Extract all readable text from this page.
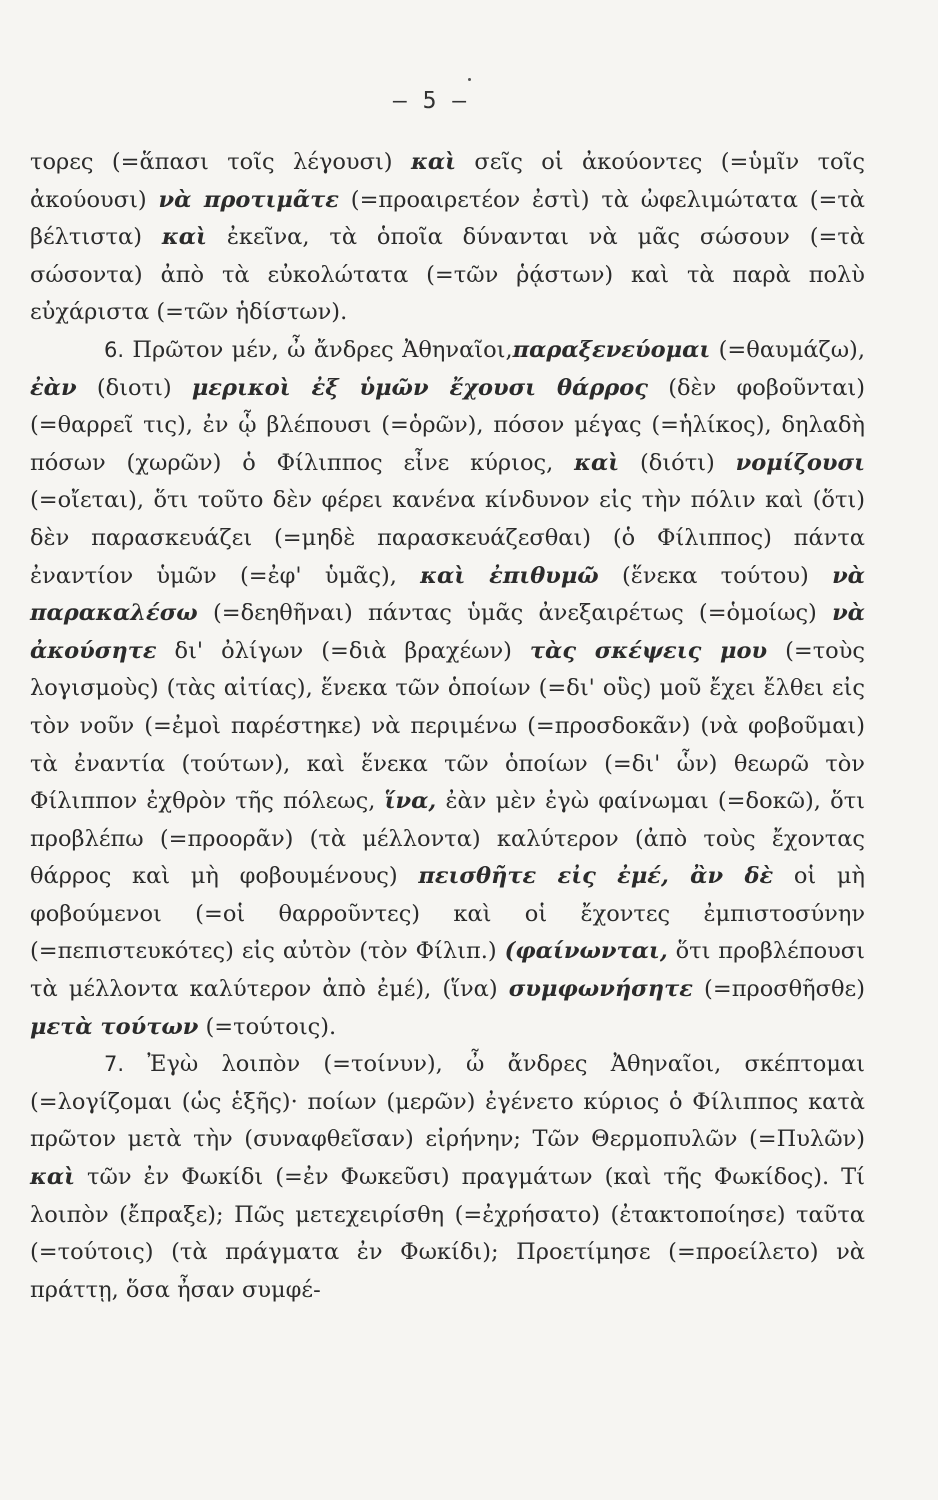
— 5 —

τορες (=ἅπασι τοῖς λέγουσι) καὶ σεῖς οἱ ἀκούοντες (=ὑμῖν τοῖς ἀκούουσι) νὰ προτιμᾶτε (=προαιρετέον ἐστὶ) τὰ ὠφελιμώτατα (=τὰ βέλτιστα) καὶ ἐκεῖνα, τὰ ὁποῖα δύνανται νὰ μᾶς σώσουν (=τὰ σώσοντα) ἀπὸ τὰ εὐκολώτατα (=τῶν ῥᾴστων) καὶ τὰ παρὰ πολὺ εὐχάριστα (=τῶν ἡδίστων).

6. Πρῶτον μέν, ὦ ἄνδρες Ἀθηναῖοι,παραξενεύομαι (=θαυμάζω), ἐὰν (διοτι) μερικοὶ ἐξ ὑμῶν ἔχουσι θάρρος (δὲν φοβοῦνται) (=θαρρεῖ τις), ἐν ᾧ βλέπουσι (=ὁρῶν), πόσον μέγας (=ἡλίκος), δηλαδὴ πόσων (χωρῶν) ὁ Φίλιππος εἶνε κύριος, καὶ (διότι) νομίζουσι (=οἴεται), ὅτι τοῦτο δὲν φέρει κανένα κίνδυνον εἰς τὴν πόλιν καὶ (ὅτι) δὲν παρασκευάζει (=μηδὲ παρασκευάζεσθαι) (ὁ Φίλιππος) πάντα ἐναντίον ὑμῶν (=ἐφ' ὑμᾶς), καὶ ἐπιθυμῶ (ἕνεκα τούτου) νὰ παρακαλέσω (=δεηθῆναι) πάντας ὑμᾶς ἀνεξαιρέτως (=ὁμοίως) νὰ ἀκούσητε δι' ὀλίγων (=διὰ βραχέων) τὰς σκέψεις μου (=τοὺς λογισμοὺς) (τὰς αἰτίας), ἕνεκα τῶν ὁποίων (=δι' οὓς) μοῦ ἔχει ἔλθει εἰς τὸν νοῦν (=ἐμοὶ παρέστηκε) νὰ περιμένω (=προσδοκᾶν) (νὰ φοβοῦμαι) τὰ ἐναντία (τούτων), καὶ ἕνεκα τῶν ὁποίων (=δι' ὧν) θεωρῶ τὸν Φίλιππον ἐχθρὸν τῆς πόλεως, ἵνα, ἐὰν μὲν ἐγὼ φαίνωμαι (=δοκῶ), ὅτι προβλέπω (=προορᾶν) (τὰ μέλλοντα) καλύτερον (ἀπὸ τοὺς ἔχοντας θάρρος καὶ μὴ φοβουμένους) πεισθῆτε εἰς ἐμέ, ἂν δὲ οἱ μὴ φοβούμενοι (=οἱ θαρροῦντες) καὶ οἱ ἔχοντες ἐμπιστοσύνην (=πεπιστευκότες) εἰς αὐτὸν (τὸν Φίλιπ.) (φαίνωνται, ὅτι προβλέπουσι τὰ μέλλοντα καλύτερον ἀπὸ ἐμέ), (ἵνα) συμφωνήσητε (=προσθῆσθε) μετὰ τούτων (=τούτοις).

7. Ἐγὼ λοιπὸν (=τοίνυν), ὦ ἄνδρες Ἀθηναῖοι, σκέπτομαι (=λογίζομαι (ὡς ἑξῆς)· ποίων (μερῶν) ἐγένετο κύριος ὁ Φίλιππος κατὰ πρῶτον μετὰ τὴν (συναφθεῖσαν) εἰρήνην; Τῶν Θερμοπυλῶν (=Πυλῶν) καὶ τῶν ἐν Φωκίδι (=ἐν Φωκεῦσι) πραγμάτων (καὶ τῆς Φωκίδος). Τί λοιπὸν (ἔπραξε); Πῶς μετεχειρίσθη (=ἐχρήσατο) (ἐτακτοποίησε) ταῦτα (=τούτοις) (τὰ πράγματα ἐν Φωκίδι); Προετίμησε (=προείλετο) νὰ πράττῃ, ὅσα ἦσαν συμφέ-
